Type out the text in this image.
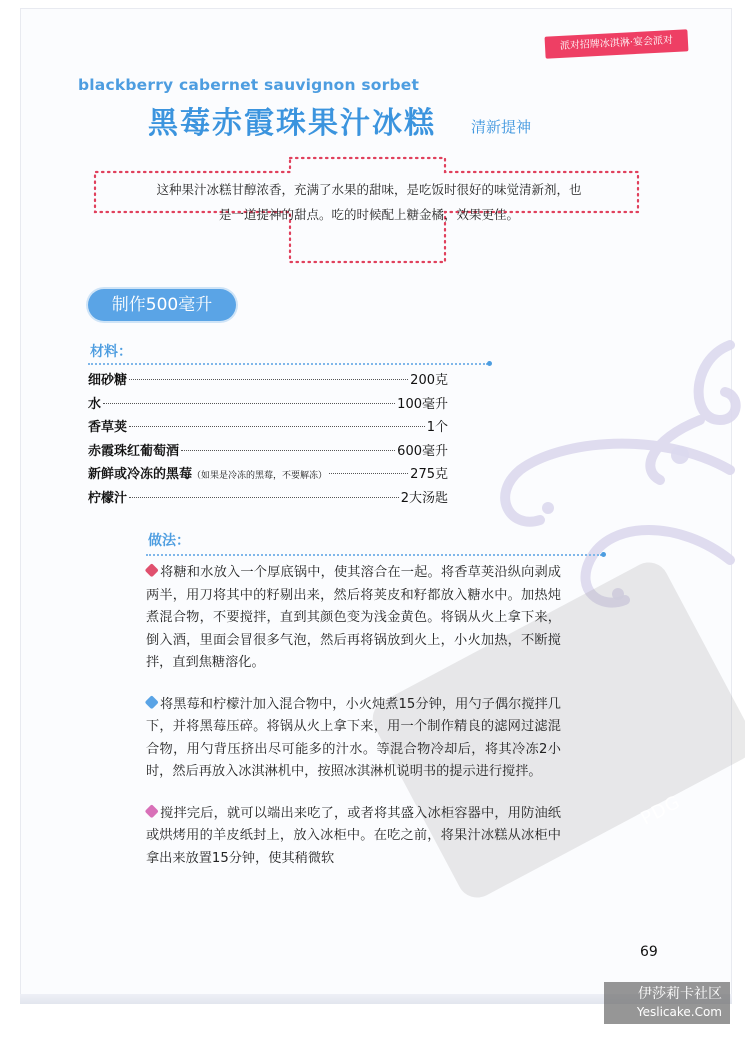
派对招牌冰淇淋·宴会派对
blackberry cabernet sauvignon sorbet
黑莓赤霞珠果汁冰糕 清新提神
这种果汁冰糕甘醇浓香，充满了水果的甜味，是吃饭时很好的味觉清新剂，也
是一道提神的甜点。吃的时候配上糖金橘，效果更佳。
制作500毫升
材料：
细砂糖	200克
水	100毫升
香草荚	1个
赤霞珠红葡萄酒	600毫升
新鲜或冷冻的黑莓 （如果是冷冻的黑莓，不要解冻）	275克
柠檬汁	2大汤匙
PDG
做法：

将糖和水放入一个厚底锅中，使其溶合在一起。将香草荚沿纵向剥成两半，用刀将其中的籽剔出来，然后将荚皮和籽都放入糖水中。加热炖煮混合物，不要搅拌，直到其颜色变为浅金黄色。将锅从火上拿下来，倒入酒，里面会冒很多气泡，然后再将锅放到火上，小火加热，不断搅拌，直到焦糖溶化。

将黑莓和柠檬汁加入混合物中，小火炖煮15分钟，用勺子偶尔搅拌几下，并将黑莓压碎。将锅从火上拿下来，用一个制作精良的滤网过滤混合物，用勺背压挤出尽可能多的汁水。等混合物冷却后，将其冷冻2小时，然后再放入冰淇淋机中，按照冰淇淋机说明书的提示进行搅拌。

搅拌完后，就可以端出来吃了，或者将其盛入冰柜容器中，用防油纸或烘烤用的羊皮纸封上，放入冰柜中。在吃之前，将果汁冰糕从冰柜中拿出来放置15分钟，使其稍微软

69
伊莎莉卡社区
Yeslicake.Com
